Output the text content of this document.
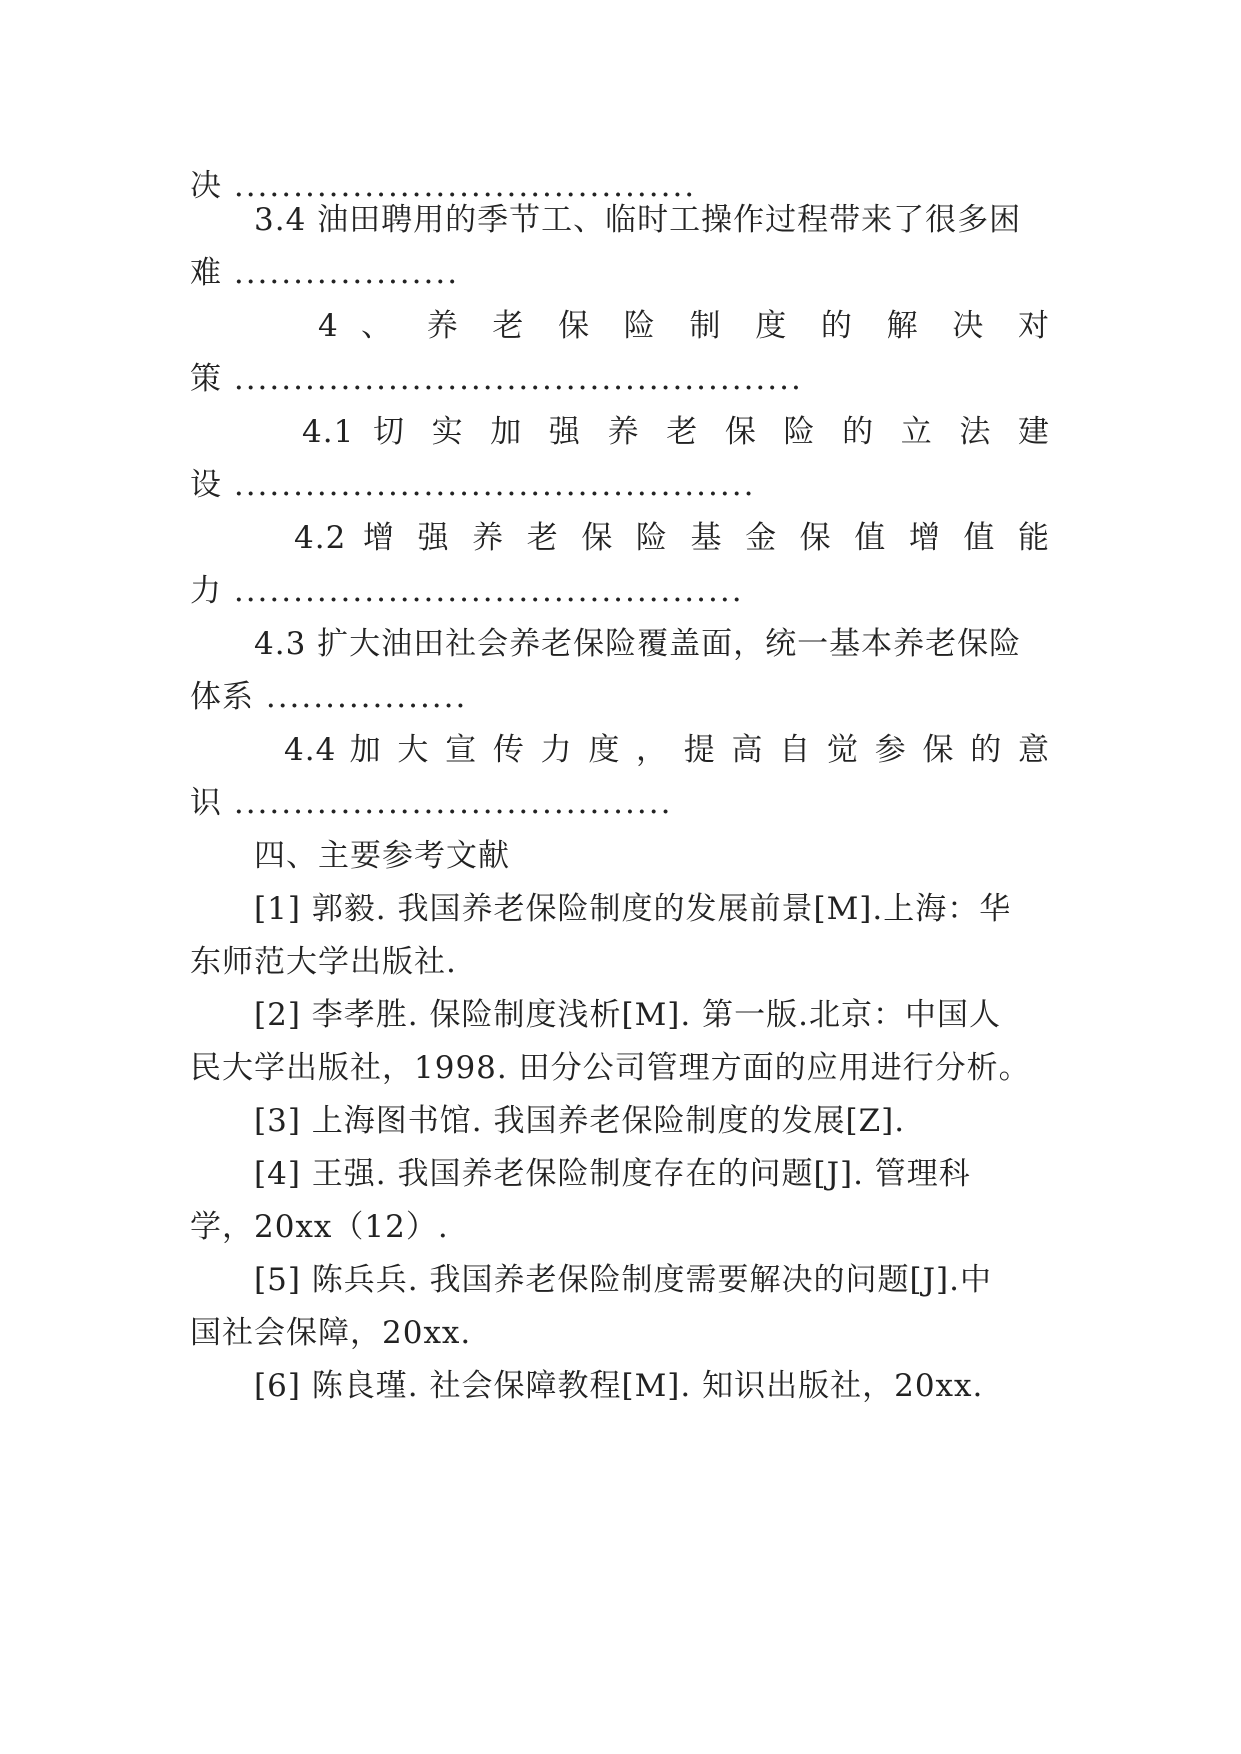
决 .......................................
3.4 油田聘用的季节工、临时工操作过程带来了很多困
难 ...................
4 、 养 老 保 险 制 度 的 解 决 对
策 ................................................
4.1 切 实 加 强 养 老 保 险 的 立 法 建
设 ............................................
4.2 增 强 养 老 保 险 基 金 保 值 增 值 能
力 ...........................................
4.3 扩大油田社会养老保险覆盖面，统一基本养老保险
体系 .................
4.4 加 大 宣 传 力 度 ， 提 高 自 觉 参 保 的 意
识 .....................................
四、主要参考文献
[1] 郭毅. 我国养老保险制度的发展前景[M].上海：华
东师范大学出版社.
[2] 李孝胜. 保险制度浅析[M]. 第一版.北京：中国人
民大学出版社，1998. 田分公司管理方面的应用进行分析。
[3] 上海图书馆. 我国养老保险制度的发展[Z].
[4] 王强. 我国养老保险制度存在的问题[J]. 管理科
学，20xx（12）.
[5] 陈兵兵. 我国养老保险制度需要解决的问题[J].中
国社会保障，20xx.
[6] 陈良瑾. 社会保障教程[M]. 知识出版社，20xx.
